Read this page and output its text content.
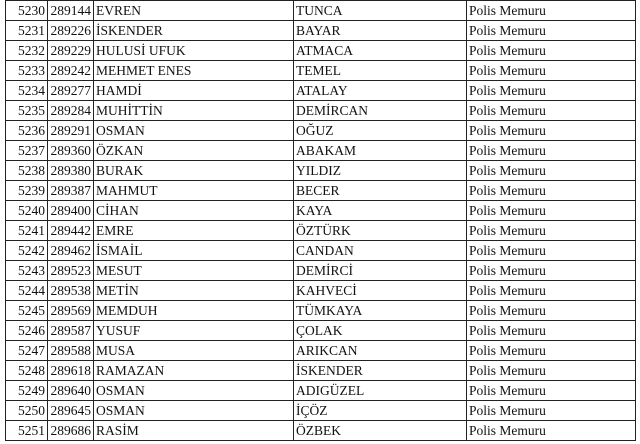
5230	289144	EVREN	TUNCA	Polis Memuru
5231	289226	İSKENDER	BAYAR	Polis Memuru
5232	289229	HULUSİ UFUK	ATMACA	Polis Memuru
5233	289242	MEHMET ENES	TEMEL	Polis Memuru
5234	289277	HAMDİ	ATALAY	Polis Memuru
5235	289284	MUHİTTİN	DEMİRCAN	Polis Memuru
5236	289291	OSMAN	OĞUZ	Polis Memuru
5237	289360	ÖZKAN	ABAKAM	Polis Memuru
5238	289380	BURAK	YILDIZ	Polis Memuru
5239	289387	MAHMUT	BECER	Polis Memuru
5240	289400	CİHAN	KAYA	Polis Memuru
5241	289442	EMRE	ÖZTÜRK	Polis Memuru
5242	289462	İSMAİL	CANDAN	Polis Memuru
5243	289523	MESUT	DEMİRCİ	Polis Memuru
5244	289538	METİN	KAHVECİ	Polis Memuru
5245	289569	MEMDUH	TÜMKAYA	Polis Memuru
5246	289587	YUSUF	ÇOLAK	Polis Memuru
5247	289588	MUSA	ARIKCAN	Polis Memuru
5248	289618	RAMAZAN	İSKENDER	Polis Memuru
5249	289640	OSMAN	ADIGÜZEL	Polis Memuru
5250	289645	OSMAN	İÇÖZ	Polis Memuru
5251	289686	RASİM	ÖZBEK	Polis Memuru
